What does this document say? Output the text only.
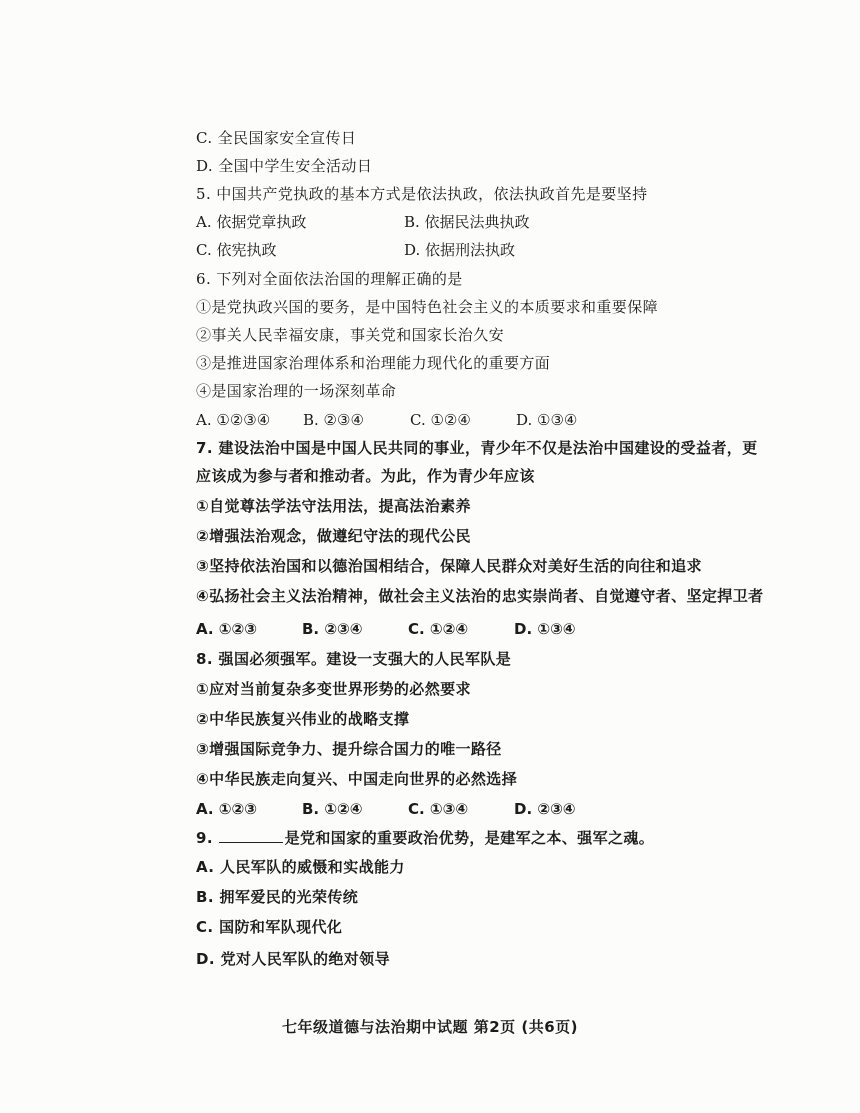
C. 全民国家安全宣传日
D. 全国中学生安全活动日
5. 中国共产党执政的基本方式是依法执政，依法执政首先是要坚持
A. 依据党章执政	B. 依据民法典执政
C. 依宪执政	D. 依据刑法执政
6. 下列对全面依法治国的理解正确的是
①是党执政兴国的要务，是中国特色社会主义的本质要求和重要保障
②事关人民幸福安康，事关党和国家长治久安
③是推进国家治理体系和治理能力现代化的重要方面
④是国家治理的一场深刻革命
A. ①②③④ B. ②③④	C. ①②④	D. ①③④
7. 建设法治中国是中国人民共同的事业，青少年不仅是法治中国建设的受益者，更
应该成为参与者和推动者。为此，作为青少年应该
①自觉尊法学法守法用法，提高法治素养
②增强法治观念，做遵纪守法的现代公民
③坚持依法治国和以德治国相结合，保障人民群众对美好生活的向往和追求
④弘扬社会主义法治精神，做社会主义法治的忠实崇尚者、自觉遵守者、坚定捍卫者
A. ①②③	B. ②③④	C. ①②④	D. ①③④
8. 强国必须强军。建设一支强大的人民军队是
①应对当前复杂多变世界形势的必然要求
②中华民族复兴伟业的战略支撑
③增强国际竞争力、提升综合国力的唯一路径
④中华民族走向复兴、中国走向世界的必然选择
A. ①②③	B. ①②④	C. ①③④	D. ②③④
9.	是党和国家的重要政治优势，是建军之本、强军之魂。
A. 人民军队的威慑和实战能力
B. 拥军爱民的光荣传统
C. 国防和军队现代化
D. 党对人民军队的绝对领导
七年级道德与法治期中试题 第2页 (共6页)
